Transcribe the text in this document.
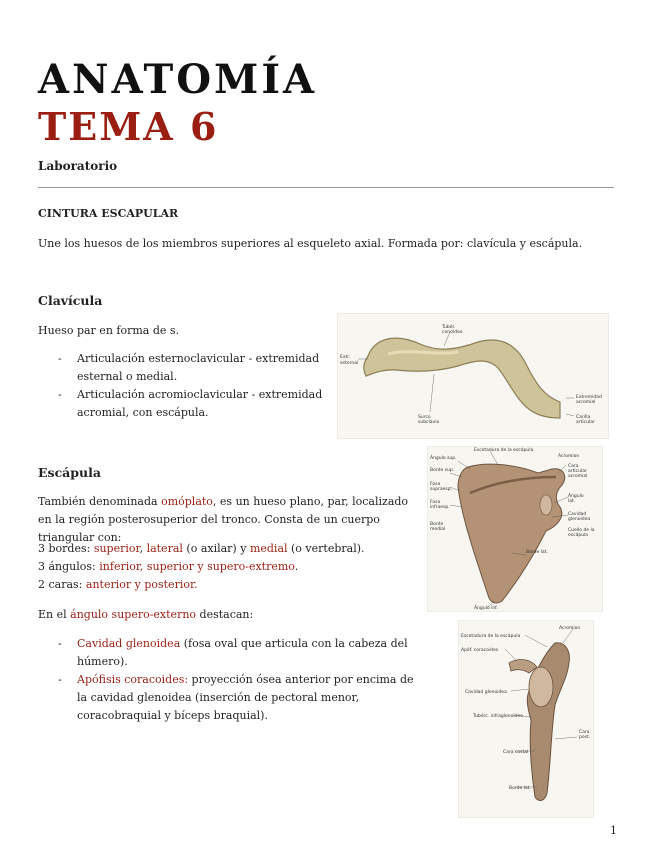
ANATOMÍA
TEMA 6
Laboratorio
CINTURA ESCAPULAR
Une los huesos de los miembros superiores al esqueleto axial. Formada por: clavícula y escápula.
Clavícula
Hueso par en forma de s.
- Articulación esternoclavicular - extremidad esternal o medial.
- Articulación acromioclavicular - extremidad acromial, con escápula.
Tubér.
conoideo
Extr.
esternal
Surco
subclavio
Extremidad
acromial
Carilla
articular
Escápula
También denominada omóplato, es un hueso plano, par, localizado en la región posterosuperior del tronco. Consta de un cuerpo triangular con:
3 bordes: superior, lateral (o axilar) y medial (o vertebral).
3 ángulos: inferior, superior y supero-extremo.
2 caras: anterior y posterior.
En el ángulo supero-externo destacan:
- Cavidad glenoidea (fosa oval que articula con la cabeza del húmero).
- Apófisis coracoides: proyección ósea anterior por encima de la cavidad glenoidea (inserción de pectoral menor, coracobraquial y bíceps braquial).
Escotadura de la escápula
Ángulo sup.
Borde sup.
Fosa
supraesp.
Fosa
infraesp.
Borde
medial
Acromion
Cara
articular
acromial
Ángulo
lat.
Cavidad
glenoidea
Cuello de la
escápula
Borde lat.
Ángulo inf.
Escotadura de la escápula
Apóf. coracoides
Cavidad glenoidea
Tubérc. infraglenoideo
Cara costal
Borde lat.
Acromion
Cara
post.
1
